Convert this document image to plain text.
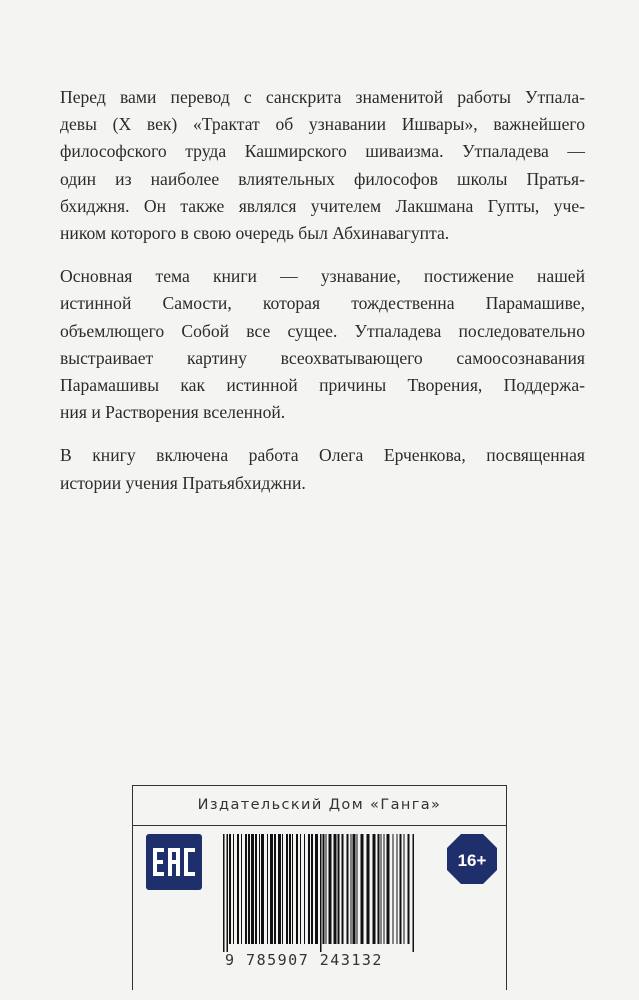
Перед вами перевод с санскрита знаменитой работы Утпала-
девы (X век) «Трактат об узнавании Ишвары», важнейшего
философского труда Кашмирского шиваизма. Утпаладева —
один из наиболее влиятельных философов школы Пратья-
бхиджня. Он также являлся учителем Лакшмана Гупты, уче-
ником которого в свою очередь был Абхинавагупта.

Основная тема книги — узнавание, постижение нашей
истинной Самости, которая тождественна Парамашиве,
объемлющего Собой все сущее. Утпаладева последовательно
выстраивает картину всеохватывающего самоосознавания
Парамашивы как истинной причины Творения, Поддержа-
ния и Растворения вселенной.

В книгу включена работа Олега Ерченкова, посвященная
истории учения Пратьябхиджни.

Издательский Дом «Ганга»
9 785907 243132
16+
